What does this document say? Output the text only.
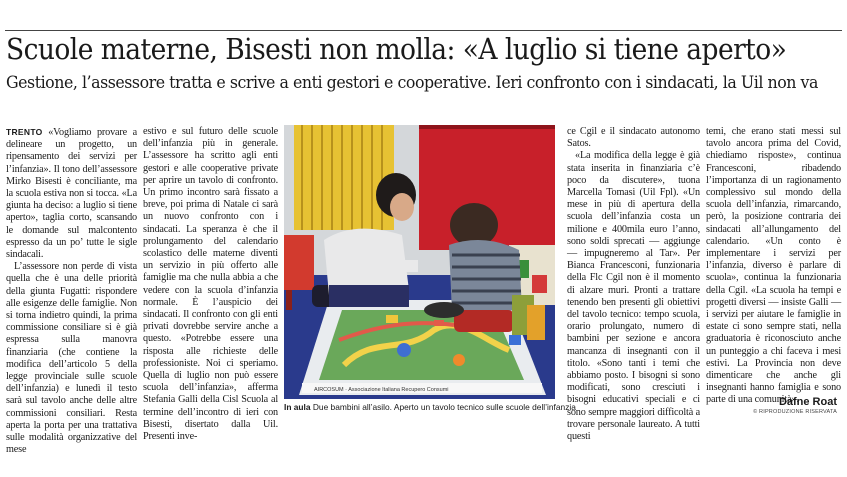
Scuole materne, Bisesti non molla: «A luglio si tiene aperto»
Gestione, l’assessore tratta e scrive a enti gestori e cooperative. Ieri confronto con i sindacati, la Uil non va

TRENTO «Vogliamo provare a delineare un progetto, un ripensamento dei servizi per l’infanzia». Il tono dell’assessore Mirko Bisesti è conciliante, ma la scuola estiva non si tocca. «La giunta ha deciso: a luglio si tiene aperto», taglia corto, scansando le domande sul malcontento espresso da un po’ tutte le sigle sindacali.

L’assessore non perde di vista quella che è una delle priorità della giunta Fugatti: rispondere alle esigenze delle famiglie. Non si torna indietro quindi, la prima commissione consiliare si è già espressa sulla manovra finanziaria (che contiene la modifica dell’articolo 5 della legge provinciale sulle scuole dell’infanzia) e lunedì il testo sarà sul tavolo anche delle altre commissioni consiliari. Resta aperta la porta per una trattativa sulle modalità organizzative del mese

estivo e sul futuro delle scuole dell’infanzia più in generale. L’assessore ha scritto agli enti gestori e alle cooperative private per aprire un tavolo di confronto. Un primo incontro sarà fissato a breve, poi prima di Natale ci sarà un nuovo confronto con i sindacati. La speranza è che il prolungamento del calendario scolastico delle materne diventi un servizio in più offerto alle famiglie ma che nulla abbia a che vedere con la scuola d’infanzia normale. È l’auspicio dei sindacati. Il confronto con gli enti privati dovrebbe servire anche a questo. «Potrebbe essere una risposta alle richieste delle professioniste. Noi ci speriamo. Quella di luglio non può essere scuola dell’infanzia», afferma Stefania Galli della Cisl Scuola al termine dell’incontro di ieri con Bisesti, disertato dalla Uil. Presenti inve-

AIRCOSUM · Associazione Italiana Recupero Consumi
In aula Due bambini all’asilo. Aperto un tavolo tecnico sulle scuole dell’infanzia

ce Cgil e il sindacato autonomo Satos.

«La modifica della legge è già stata inserita in finanziaria c’è poco da discutere», tuona Marcella Tomasi (Uil Fpl). «Un mese in più di apertura della scuola dell’infanzia costa un milione e 400mila euro l’anno, sono soldi sprecati — aggiunge — impugneremo al Tar». Per Bianca Francesconi, funzionaria della Flc Cgil non è il momento di alzare muri. Pronti a trattare tenendo ben presenti gli obiettivi del tavolo tecnico: tempo scuola, orario prolungato, numero di bambini per sezione e ancora mancanza di insegnanti con il titolo. «Sono tanti i temi che abbiamo posto. I bisogni si sono modificati, sono cresciuti i bisogni educativi speciali e ci sono sempre maggiori difficoltà a trovare personale laureato. A tutti questi

temi, che erano stati messi sul tavolo ancora prima del Covid, chiediamo risposte», continua Francesconi, ribadendo l’importanza di un ragionamento complessivo sul mondo della scuola dell’infanzia, rimarcando, però, la posizione contraria dei sindacati all’allungamento del calendario. «Un conto è implementare i servizi per l’infanzia, diverso è parlare di scuola», continua la funzionaria della Cgil. «La scuola ha tempi e progetti diversi — insiste Galli — i servizi per aiutare le famiglie in estate ci sono sempre stati, nella graduatoria è riconosciuto anche un punteggio a chi faceva i mesi estivi. La Provincia non deve dimenticare che anche gli insegnanti hanno famiglia e sono parte di una comunità».

Dafne Roat
© RIPRODUZIONE RISERVATA
